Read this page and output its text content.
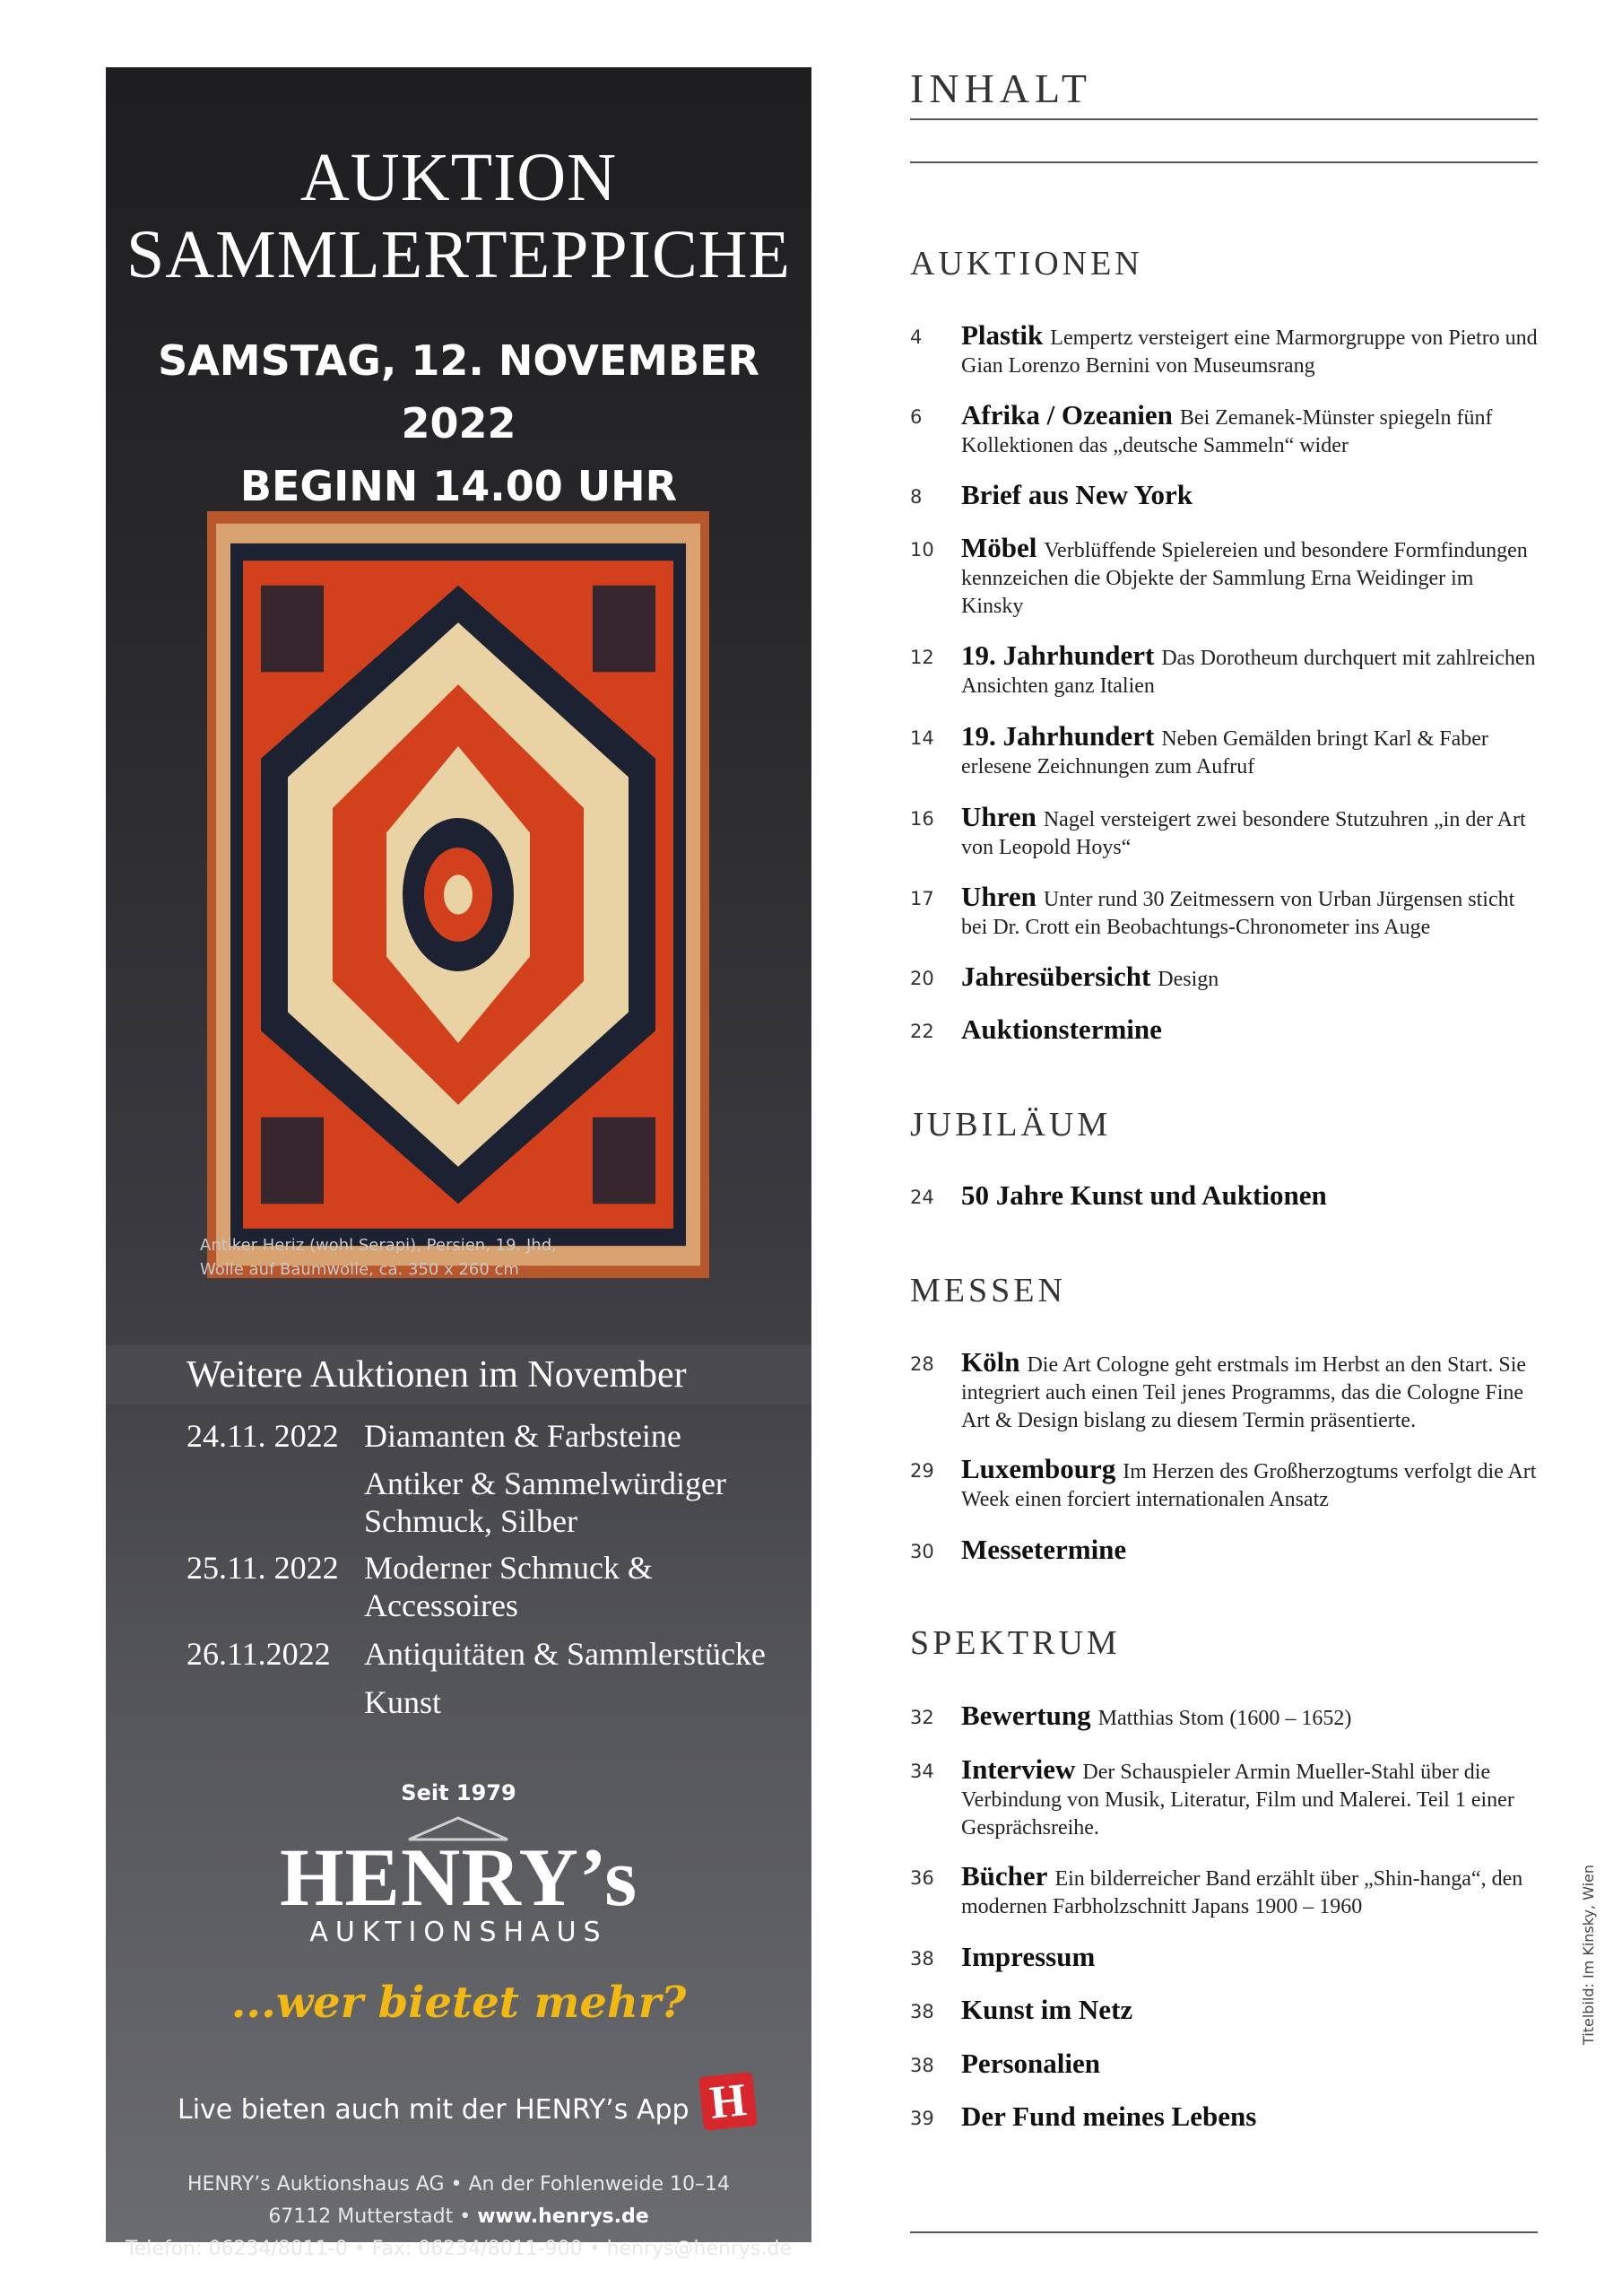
AUKTION
SAMMLERTEPPICHE
SAMSTAG, 12. NOVEMBER 2022
BEGINN 14.00 UHR
Antiker Heriz (wohl Serapi), Persien, 19. Jhd,
Wolle auf Baumwolle, ca. 350 x 260 cm
Weitere Auktionen im November
24.11. 2022 Diamanten & Farbsteine
Antiker & Sammelwürdiger Schmuck, Silber
25.11. 2022 Moderner Schmuck & Accessoires
26.11.2022 Antiquitäten & Sammlerstücke
Kunst
Seit 1979
HENRY’s
AUKTIONSHAUS
...wer bietet mehr?
Live bieten auch mit der HENRY’s App H
HENRY’s Auktionshaus AG • An der Fohlenweide 10–14
67112 Mutterstadt • www.henrys.de
Telefon: 06234/8011-0 • Fax: 06234/8011-900 • henrys@henrys.de
INHALT
AUKTIONEN
4	Plastik Lempertz versteigert eine Marmorgruppe von Pietro und Gian Lorenzo Bernini von Museumsrang
6	Afrika / Ozeanien Bei Zemanek-Münster spiegeln fünf Kollektionen das „deutsche Sammeln“ wider
8	Brief aus New York
10 Möbel Verblüffende Spielereien und besondere Formfindungen kennzeichen die Objekte der Sammlung Erna Weidinger im Kinsky
12 19. Jahrhundert Das Dorotheum durchquert mit zahlreichen Ansichten ganz Italien
14 19. Jahrhundert Neben Gemälden bringt Karl & Faber erlesene Zeichnungen zum Aufruf
16 Uhren Nagel versteigert zwei besondere Stutzuhren „in der Art von Leopold Hoys“
17 Uhren Unter rund 30 Zeitmessern von Urban Jürgensen sticht bei Dr. Crott ein Beobachtungs-Chronometer ins Auge
20 Jahresübersicht Design
22 Auktionstermine
JUBILÄUM
24 50 Jahre Kunst und Auktionen
MESSEN
28 Köln Die Art Cologne geht erstmals im Herbst an den Start. Sie integriert auch einen Teil jenes Programms, das die Cologne Fine Art & Design bislang zu diesem Termin präsentierte.
29 Luxembourg Im Herzen des Großherzogtums verfolgt die Art Week einen forciert internationalen Ansatz
30 Messetermine
SPEKTRUM
32 Bewertung Matthias Stom (1600 – 1652)
34 Interview Der Schauspieler Armin Mueller-Stahl über die Verbindung von Musik, Literatur, Film und Malerei. Teil 1 einer Gesprächsreihe.
36 Bücher Ein bilderreicher Band erzählt über „Shin-hanga“, den modernen Farbholzschnitt Japans 1900 – 1960
38 Impressum
38 Kunst im Netz
38 Personalien
39 Der Fund meines Lebens
Titelbild: Im Kinsky, Wien
